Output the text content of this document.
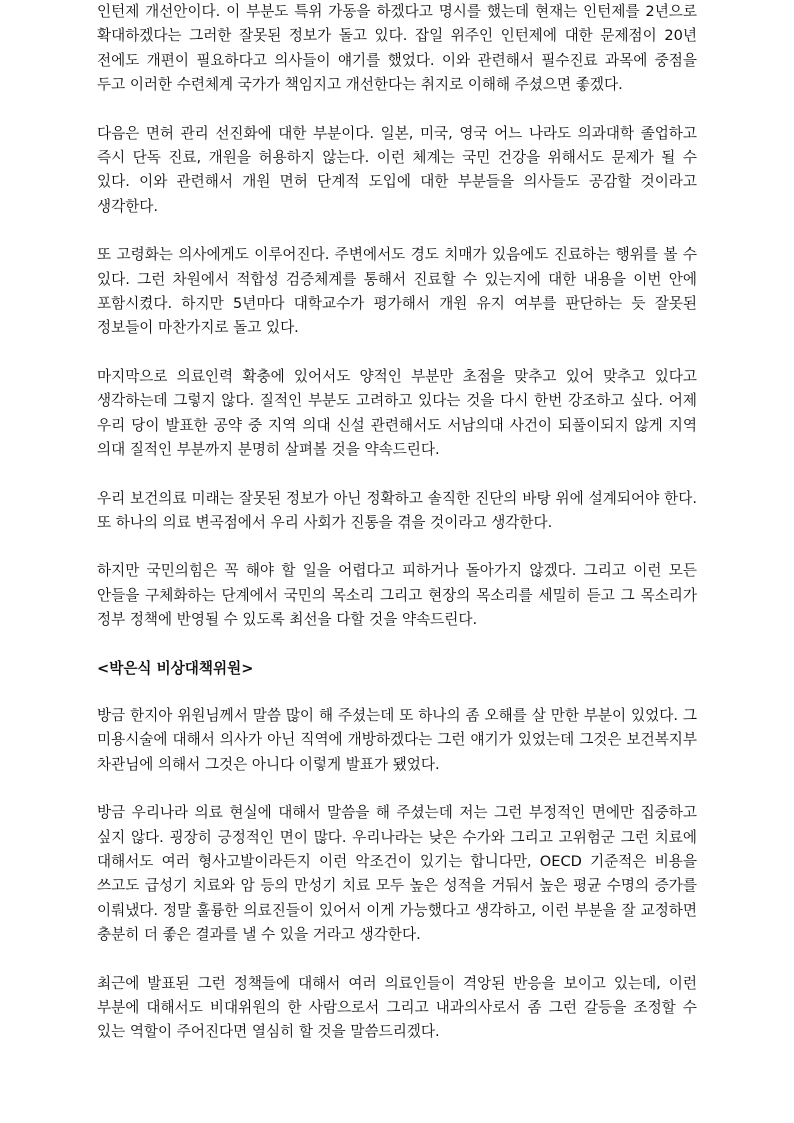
인턴제 개선안이다. 이 부분도 특위 가동을 하겠다고 명시를 했는데 현재는 인턴제를 2년으로 확대하겠다는 그러한 잘못된 정보가 돌고 있다. 잡일 위주인 인턴제에 대한 문제점이 20년 전에도 개편이 필요하다고 의사들이 얘기를 했었다. 이와 관련해서 필수진료 과목에 중점을 두고 이러한 수련체계 국가가 책임지고 개선한다는 취지로 이해해 주셨으면 좋겠다.

다음은 면허 관리 선진화에 대한 부분이다. 일본, 미국, 영국 어느 나라도 의과대학 졸업하고 즉시 단독 진료, 개원을 허용하지 않는다. 이런 체계는 국민 건강을 위해서도 문제가 될 수 있다. 이와 관련해서 개원 면허 단계적 도입에 대한 부분들을 의사들도 공감할 것이라고 생각한다.

또 고령화는 의사에게도 이루어진다. 주변에서도 경도 치매가 있음에도 진료하는 행위를 볼 수 있다. 그런 차원에서 적합성 검증체계를 통해서 진료할 수 있는지에 대한 내용을 이번 안에 포함시켰다. 하지만 5년마다 대학교수가 평가해서 개원 유지 여부를 판단하는 듯 잘못된 정보들이 마찬가지로 돌고 있다.

마지막으로 의료인력 확충에 있어서도 양적인 부분만 초점을 맞추고 있어 맞추고 있다고 생각하는데 그렇지 않다. 질적인 부분도 고려하고 있다는 것을 다시 한번 강조하고 싶다. 어제 우리 당이 발표한 공약 중 지역 의대 신설 관련해서도 서남의대 사건이 되풀이되지 않게 지역 의대 질적인 부분까지 분명히 살펴볼 것을 약속드린다.

우리 보건의료 미래는 잘못된 정보가 아닌 정확하고 솔직한 진단의 바탕 위에 설계되어야 한다. 또 하나의 의료 변곡점에서 우리 사회가 진통을 겪을 것이라고 생각한다.

하지만 국민의힘은 꼭 해야 할 일을 어렵다고 피하거나 돌아가지 않겠다. 그리고 이런 모든 안들을 구체화하는 단계에서 국민의 목소리 그리고 현장의 목소리를 세밀히 듣고 그 목소리가 정부 정책에 반영될 수 있도록 최선을 다할 것을 약속드린다.

<박은식 비상대책위원>

방금 한지아 위원님께서 말씀 많이 해 주셨는데 또 하나의 좀 오해를 살 만한 부분이 있었다. 그 미용시술에 대해서 의사가 아닌 직역에 개방하겠다는 그런 얘기가 있었는데 그것은 보건복지부 차관님에 의해서 그것은 아니다 이렇게 발표가 됐었다.

방금 우리나라 의료 현실에 대해서 말씀을 해 주셨는데 저는 그런 부정적인 면에만 집중하고 싶지 않다. 굉장히 긍정적인 면이 많다. 우리나라는 낮은 수가와 그리고 고위험군 그런 치료에 대해서도 여러 형사고발이라든지 이런 악조건이 있기는 합니다만, OECD 기준적은 비용을 쓰고도 급성기 치료와 암 등의 만성기 치료 모두 높은 성적을 거둬서 높은 평균 수명의 증가를 이뤄냈다. 정말 훌륭한 의료진들이 있어서 이게 가능했다고 생각하고, 이런 부분을 잘 교정하면 충분히 더 좋은 결과를 낼 수 있을 거라고 생각한다.

최근에 발표된 그런 정책들에 대해서 여러 의료인들이 격앙된 반응을 보이고 있는데, 이런 부분에 대해서도 비대위원의 한 사람으로서 그리고 내과의사로서 좀 그런 갈등을 조정할 수 있는 역할이 주어진다면 열심히 할 것을 말씀드리겠다.
